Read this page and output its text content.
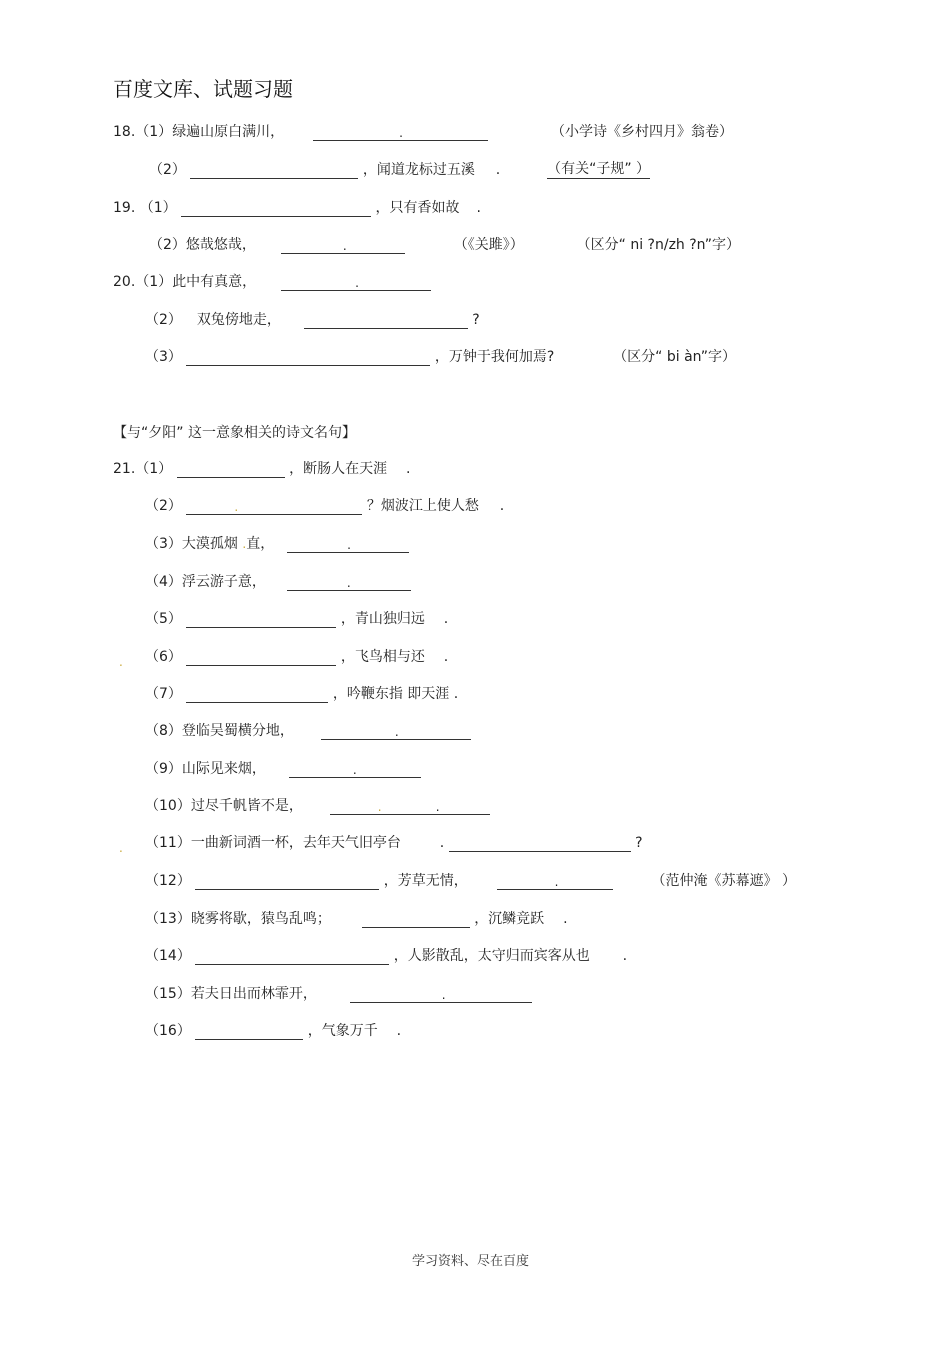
百度文库、试题习题
18.（1）绿遍山原白满川，	.	（小学诗《乡村四月》翁卷）
（2）	，闻道龙标过五溪 .	（有关“子规” ）
19. （1）	，只有香如故 .
（2）悠哉悠哉，	.	（《关雎》）	（区分“ ni ?n/zh ?n”字）
20.（1）此中有真意，	.
（2） 双兔傍地走，	?
（3）	，万钟于我何加焉?	（区分“ bi àn”字）
【与“夕阳” 这一意象相关的诗文名句】
21.（1）	，断肠人在天涯 .
（2）	.	？烟波江上使人愁 .
（3）大漠孤烟 .直，	.
（4）浮云游子意，	.
（5）	，青山独归远 .
. （6）	，飞鸟相与还 .
（7）	，吟鞭东指 即天涯 .
（8）登临吴蜀横分地，	.
（9）山际见来烟，	.
（10）过尽千帆皆不是，	.	.
. （11）一曲新词酒一杯，去年天气旧亭台	.	?
（12）	，芳草无情，	.	（范仲淹《苏幕遮》 ）
（13）晓雾将歇，猿鸟乱鸣；	，沉鳞竞跃 .
（14）	，人影散乱，太守归而宾客从也 .
（15）若夫日出而林霏开，	.
（16）	，气象万千 .
学习资料、尽在百度
